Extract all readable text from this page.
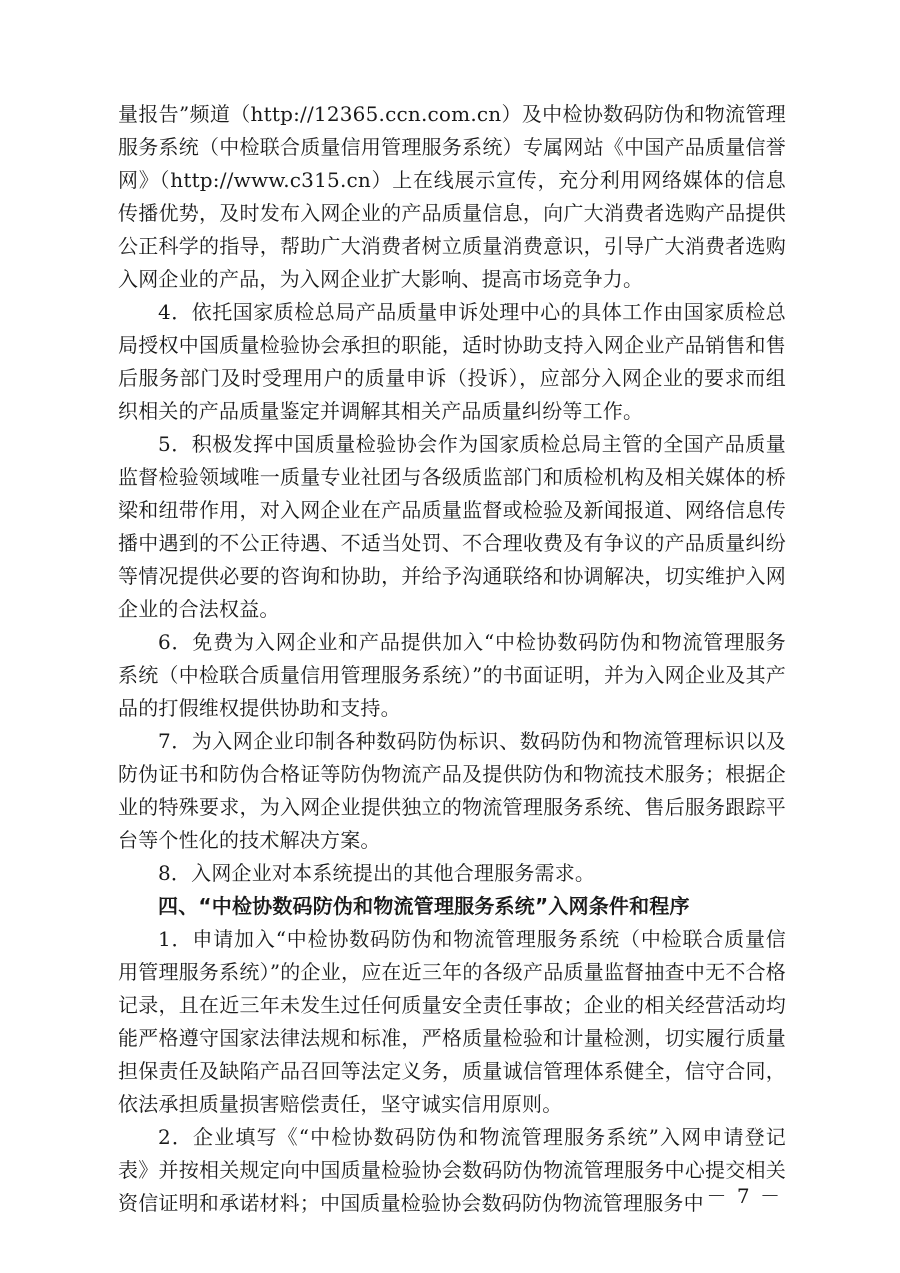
量报告”频道（http://12365.ccn.com.cn）及中检协数码防伪和物流管理服务系统（中检联合质量信用管理服务系统）专属网站《中国产品质量信誉网》（http://www.c315.cn）上在线展示宣传，充分利用网络媒体的信息传播优势，及时发布入网企业的产品质量信息，向广大消费者选购产品提供公正科学的指导，帮助广大消费者树立质量消费意识，引导广大消费者选购入网企业的产品，为入网企业扩大影响、提高市场竞争力。

4．依托国家质检总局产品质量申诉处理中心的具体工作由国家质检总局授权中国质量检验协会承担的职能，适时协助支持入网企业产品销售和售后服务部门及时受理用户的质量申诉（投诉），应部分入网企业的要求而组织相关的产品质量鉴定并调解其相关产品质量纠纷等工作。

5．积极发挥中国质量检验协会作为国家质检总局主管的全国产品质量监督检验领域唯一质量专业社团与各级质监部门和质检机构及相关媒体的桥梁和纽带作用，对入网企业在产品质量监督或检验及新闻报道、网络信息传播中遇到的不公正待遇、不适当处罚、不合理收费及有争议的产品质量纠纷等情况提供必要的咨询和协助，并给予沟通联络和协调解决，切实维护入网企业的合法权益。

6．免费为入网企业和产品提供加入“中检协数码防伪和物流管理服务系统（中检联合质量信用管理服务系统）”的书面证明，并为入网企业及其产品的打假维权提供协助和支持。

7．为入网企业印制各种数码防伪标识、数码防伪和物流管理标识以及防伪证书和防伪合格证等防伪物流产品及提供防伪和物流技术服务；根据企业的特殊要求，为入网企业提供独立的物流管理服务系统、售后服务跟踪平台等个性化的技术解决方案。

8．入网企业对本系统提出的其他合理服务需求。

四、“中检协数码防伪和物流管理服务系统”入网条件和程序

1．申请加入“中检协数码防伪和物流管理服务系统（中检联合质量信用管理服务系统）”的企业，应在近三年的各级产品质量监督抽查中无不合格记录，且在近三年未发生过任何质量安全责任事故；企业的相关经营活动均能严格遵守国家法律法规和标准，严格质量检验和计量检测，切实履行质量担保责任及缺陷产品召回等法定义务，质量诚信管理体系健全，信守合同，依法承担质量损害赔偿责任，坚守诚实信用原则。

2．企业填写《“中检协数码防伪和物流管理服务系统”入网申请登记表》并按相关规定向中国质量检验协会数码防伪物流管理服务中心提交相关资信证明和承诺材料；中国质量检验协会数码防伪物流管理服务中 － 7 －
